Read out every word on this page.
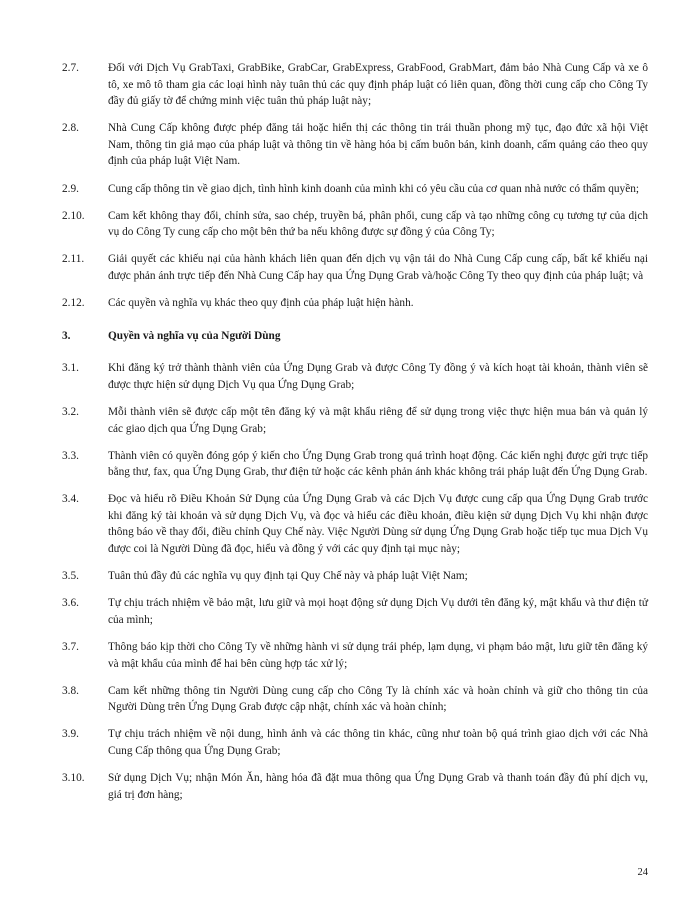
2.7.	Đối với Dịch Vụ GrabTaxi, GrabBike, GrabCar, GrabExpress, GrabFood, GrabMart, đảm bảo Nhà Cung Cấp và xe ô tô, xe mô tô tham gia các loại hình này tuân thủ các quy định pháp luật có liên quan, đồng thời cung cấp cho Công Ty đầy đủ giấy tờ để chứng minh việc tuân thủ pháp luật này;
2.8.	Nhà Cung Cấp không được phép đăng tải hoặc hiển thị các thông tin trái thuần phong mỹ tục, đạo đức xã hội Việt Nam, thông tin giả mạo của pháp luật và thông tin về hàng hóa bị cấm buôn bán, kinh doanh, cấm quảng cáo theo quy định của pháp luật Việt Nam.
2.9.	Cung cấp thông tin về giao dịch, tình hình kinh doanh của mình khi có yêu cầu của cơ quan nhà nước có thẩm quyền;
2.10.	Cam kết không thay đổi, chỉnh sửa, sao chép, truyền bá, phân phối, cung cấp và tạo những công cụ tương tự của dịch vụ do Công Ty cung cấp cho một bên thứ ba nếu không được sự đồng ý của Công Ty;
2.11.	Giải quyết các khiếu nại của hành khách liên quan đến dịch vụ vận tải do Nhà Cung Cấp cung cấp, bất kể khiếu nại được phản ánh trực tiếp đến Nhà Cung Cấp hay qua Ứng Dụng Grab và/hoặc Công Ty theo quy định của pháp luật; và
2.12.	Các quyền và nghĩa vụ khác theo quy định của pháp luật hiện hành.
3.	Quyền và nghĩa vụ của Người Dùng
3.1.	Khi đăng ký trở thành thành viên của Ứng Dụng Grab và được Công Ty đồng ý và kích hoạt tài khoản, thành viên sẽ được thực hiện sử dụng Dịch Vụ qua Ứng Dụng Grab;
3.2.	Mỗi thành viên sẽ được cấp một tên đăng ký và mật khẩu riêng để sử dụng trong việc thực hiện mua bán và quản lý các giao dịch qua Ứng Dụng Grab;
3.3.	Thành viên có quyền đóng góp ý kiến cho Ứng Dụng Grab trong quá trình hoạt động. Các kiến nghị được gửi trực tiếp bằng thư, fax, qua Ứng Dụng Grab, thư điện tử hoặc các kênh phản ánh khác không trái pháp luật đến Ứng Dụng Grab.
3.4.	Đọc và hiểu rõ Điều Khoản Sử Dụng của Ứng Dụng Grab và các Dịch Vụ được cung cấp qua Ứng Dụng Grab trước khi đăng ký tài khoản và sử dụng Dịch Vụ, và đọc và hiểu các điều khoản, điều kiện sử dụng Dịch Vụ khi nhận được thông báo về thay đổi, điều chỉnh Quy Chế này. Việc Người Dùng sử dụng Ứng Dụng Grab hoặc tiếp tục mua Dịch Vụ được coi là Người Dùng đã đọc, hiểu và đồng ý với các quy định tại mục này;
3.5.	Tuân thủ đầy đủ các nghĩa vụ quy định tại Quy Chế này và pháp luật Việt Nam;
3.6.	Tự chịu trách nhiệm về bảo mật, lưu giữ và mọi hoạt động sử dụng Dịch Vụ dưới tên đăng ký, mật khẩu và thư điện tử của mình;
3.7.	Thông báo kịp thời cho Công Ty về những hành vi sử dụng trái phép, lạm dụng, vi phạm bảo mật, lưu giữ tên đăng ký và mật khẩu của mình để hai bên cùng hợp tác xử lý;
3.8.	Cam kết những thông tin Người Dùng cung cấp cho Công Ty là chính xác và hoàn chỉnh và giữ cho thông tin của Người Dùng trên Ứng Dụng Grab được cập nhật, chính xác và hoàn chỉnh;
3.9.	Tự chịu trách nhiệm về nội dung, hình ảnh và các thông tin khác, cũng như toàn bộ quá trình giao dịch với các Nhà Cung Cấp thông qua Ứng Dụng Grab;
3.10.	Sử dụng Dịch Vụ; nhận Món Ăn, hàng hóa đã đặt mua thông qua Ứng Dụng Grab và thanh toán đầy đủ phí dịch vụ, giá trị đơn hàng;
24
